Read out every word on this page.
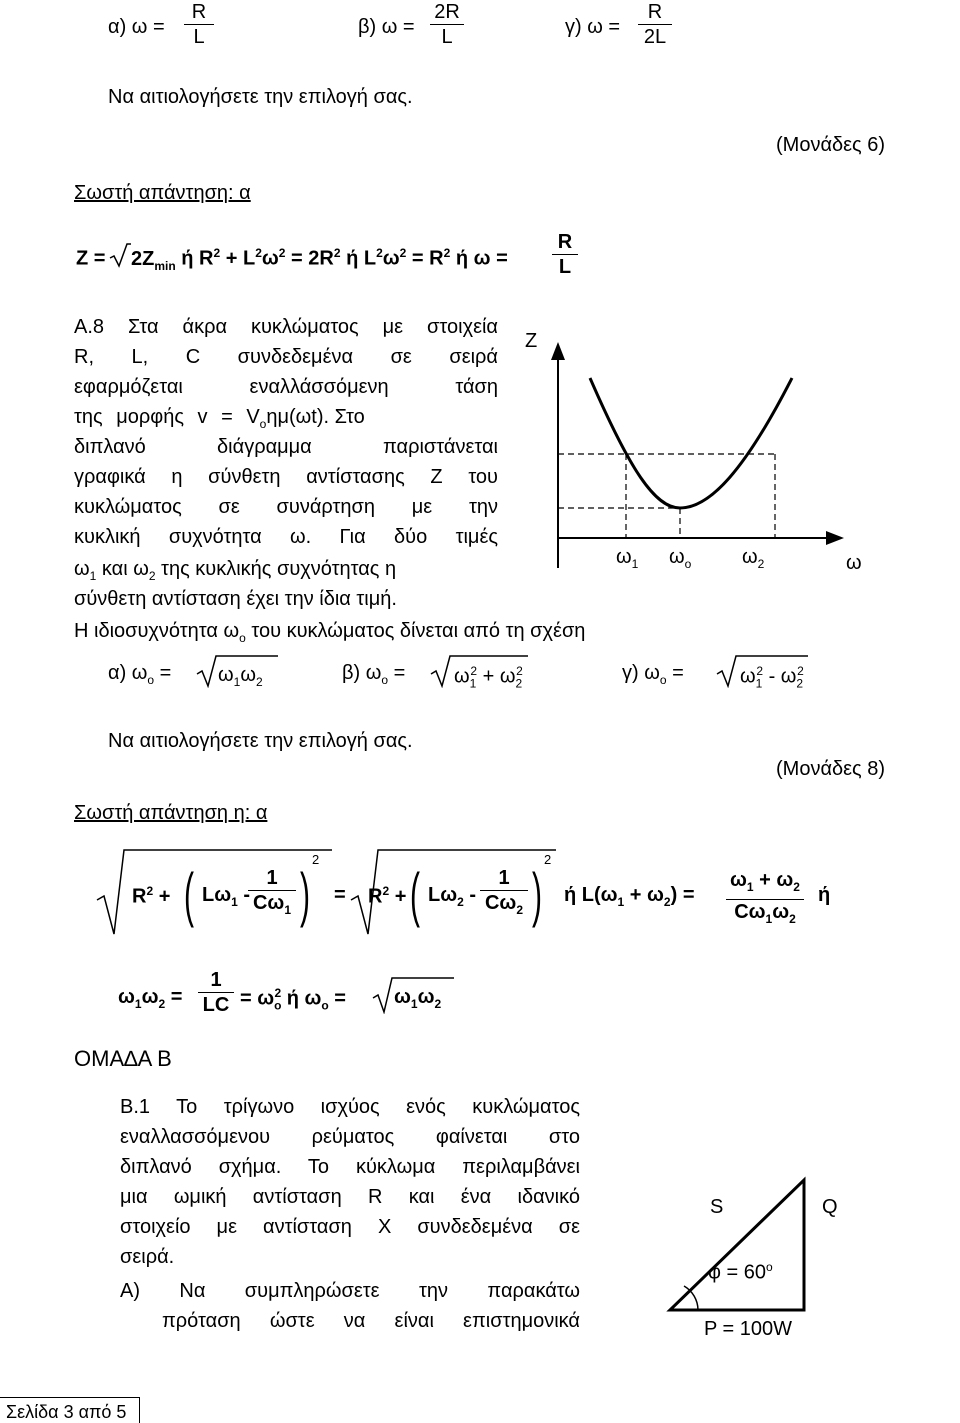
α) $\omega = \frac{R}{L}$	β) $\omega = \frac{2R}{L}$	γ) $\omega = \frac{R}{2L}$
Να αιτιολογήσετε την επιλογή σας.
(Μονάδες 6)
Σωστή απάντηση: α
$Z = 2Z_{min}$ ή $R^2 + L^2\omega^2 = 2R^2$ ή $L^2\omega^2 = R^2$ ή $\omega = \frac{R}{L}$
Α.8 Στα άκρα κυκλώματος με στοιχεία
R, L, C συνδεδεμένα σε σειρά
εφαρμόζεται εναλλάσσόμενη τάση
της μορφής $v = V_o\eta\mu(\omega t)$. Στο
διπλανό διάγραμμα παριστάνεται
γραφικά η σύνθετη αντίστασης Z του
κυκλώματος σε συνάρτηση με την
κυκλική συχνότητα ω. Για δύο τιμές
$\omega_1$ και $\omega_2$ της κυκλικής συχνότητας η
σύνθετη αντίσταση έχει την ίδια τιμή.
Η ιδιοσυχνότητα $\omega_o$ του κυκλώματος δίνεται από τη σχέση
Z
ω
$\omega_1$ $\omega_o$	$\omega_2$
α) $\omega_o = \omega_1\omega_2$	β) $\omega_o = \omega_1^2 + \omega_2^2$	γ) $\omega_o$ =	$\omega_1^2 - \omega_2^2$
Να αιτιολογήσετε την επιλογή σας.
(Μονάδες 8)
Σωστή απάντηση η: α
$R^2$ + ( $L\omega_1$ -
$\frac{1}{C\omega_1}$ )
2
= $R^2$ + ( $L\omega_2 - \frac{1}{C\omega_2}$ )
2
ή $L(\omega_1 + \omega_2) = \frac{\omega_1 + \omega_2}{C\omega_1\omega_2}$ ή
$\omega_1\omega_2 = \frac{1}{LC} = \omega_o^2$ ή $\omega_o = \omega_1\omega_2$
ΟΜΑ∆Α Β
Β.1 Το τρίγωνο ισχύος ενός κυκλώματος
εναλλασσόμενου ρεύματος φαίνεται στο
διπλανό σχήμα. Το κύκλωμα περιλαμβάνει
μια ωμική αντίσταση R και ένα ιδανικό
στοιχείο με αντίσταση X συνδεδεμένα σε
σειρά.
Α) Να συμπληρώσετε την παρακάτω
πρόταση ώστε να είναι επιστημονικά
S	Q
$\varphi = 60^o$
P = 100W
Σελίδα 3 από 5
